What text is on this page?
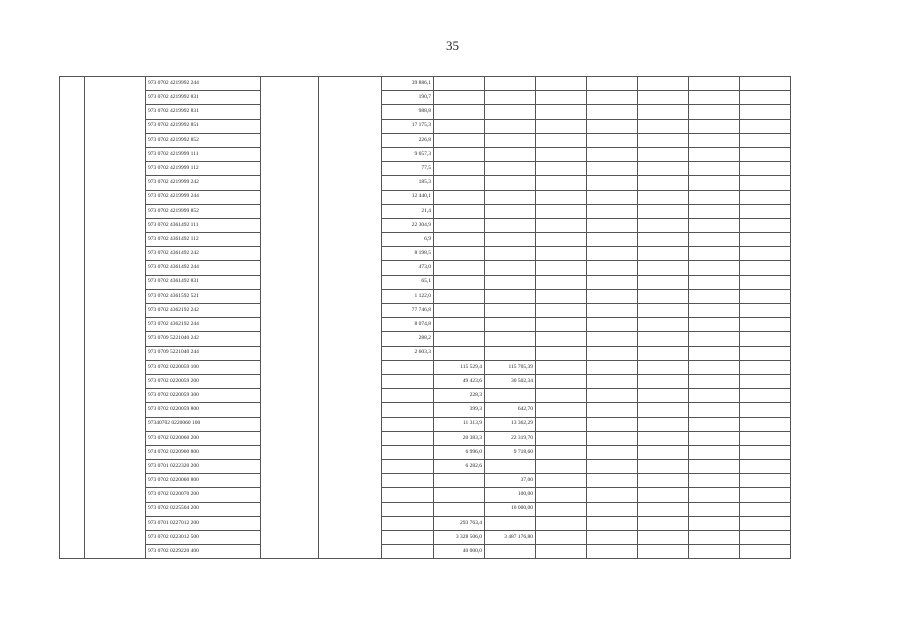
35
		973 0702 4219992 244			39 886,1							
		973 0702 4219992 831			190,7							
		973 0702 4219992 831			988,8							
		973 0702 4219992 851			17 175,3							
		973 0702 4219992 852			226,8							
		973 0702 4219999 111			9 657,3							
		973 0702 4219999 112			77,5							
		973 0702 4219999 242			185,3							
		973 0702 4219999 244			12 440,1							
		973 0702 4219999 852			21,4							
		973 0702 4361492 111			22 304,9							
		973 0702 4361492 112			6,9							
		973 0702 4361492 242			8 198,5							
		973 0702 4361492 244			473,0							
		973 0702 4361492 831			65,1							
		973 0702 4361592 521			1 122,0							
		973 0702 4362192 242			77 746,8							
		973 0702 4362192 244			8 074,8							
		973 0709 5221040 242			288,2							
		973 0709 5221040 244			2 603,3							
		973 0702 0220059 100				115 529,4	115 705,39					
		973 0702 0220059 200				49 423,6	30 502,34					
		973 0702 0220059 300				228,3						
		973 0702 0220059 800				399,3	642,70					
		97340702 0220060 100				11 313,9	13 362,29					
		973 0702 0220060 200				20 383,3	22 319,70					
		974 0702 0220900 800				6 996,0	9 718,60					
		973 0701 0222320 200				6 282,6						
		973 0702 0220060 800					37,00					
		973 0702 0220070 200					100,00					
		973 0702 0225504 200					10 000,00					
		973 0701 0227012 200				293 763,4						
		973 0702 0223012 500				3 328 506,0	3 487 176,80					
		973 0702 0229220 400				40 000,0						
